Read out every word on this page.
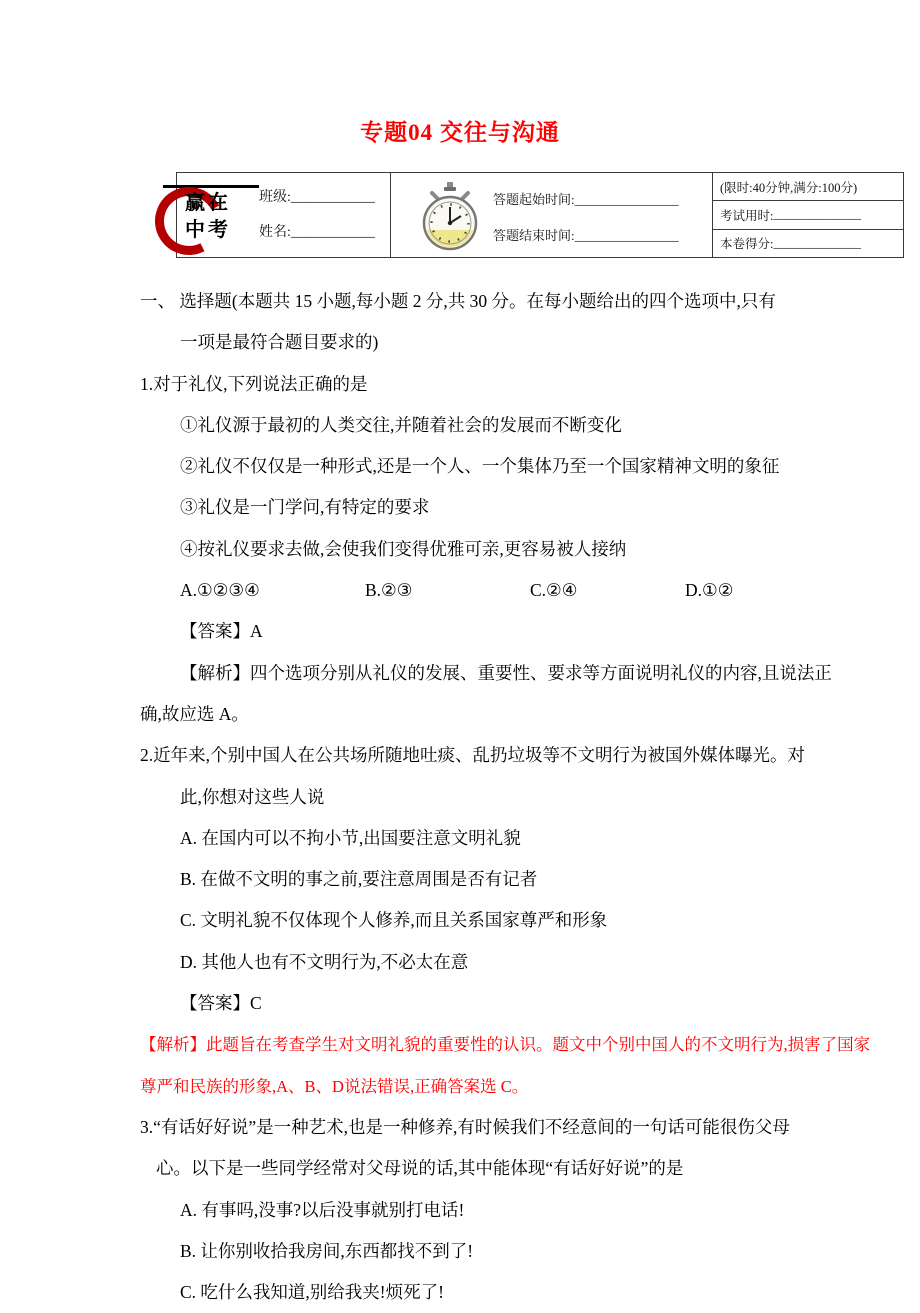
专题04 交往与沟通
赢在
中考
班级:____________
姓名:____________
答题起始时间:________________
答题结束时间:________________
(限时:40分钟,满分:100分)
考试用时: ______________
本卷得分: ______________
一、 选择题(本题共 15 小题,每小题 2 分,共 30 分。在每小题给出的四个选项中,只有
一项是最符合题目要求的)
1.对于礼仪,下列说法正确的是
①礼仪源于最初的人类交往,并随着社会的发展而不断变化
②礼仪不仅仅是一种形式,还是一个人、一个集体乃至一个国家精神文明的象征
③礼仪是一门学问,有特定的要求
④按礼仪要求去做,会使我们变得优雅可亲,更容易被人接纳
A.①②③④	B.②③	C.②④	D.①②
【答案】A
【解析】四个选项分别从礼仪的发展、重要性、要求等方面说明礼仪的内容,且说法正
确,故应选 A。
2.近年来,个别中国人在公共场所随地吐痰、乱扔垃圾等不文明行为被国外媒体曝光。对
此,你想对这些人说
A. 在国内可以不拘小节,出国要注意文明礼貌
B. 在做不文明的事之前,要注意周围是否有记者
C. 文明礼貌不仅体现个人修养,而且关系国家尊严和形象
D. 其他人也有不文明行为,不必太在意
【答案】C
【解析】此题旨在考查学生对文明礼貌的重要性的认识。题文中个别中国人的不文明行为,损害了国家
尊严和民族的形象,A、B、D说法错误,正确答案选 C。
3.“有话好好说”是一种艺术,也是一种修养,有时候我们不经意间的一句话可能很伤父母
心。以下是一些同学经常对父母说的话,其中能体现“有话好好说”的是
A. 有事吗,没事?以后没事就别打电话!
B. 让你别收拾我房间,东西都找不到了!
C. 吃什么我知道,别给我夹!烦死了!
